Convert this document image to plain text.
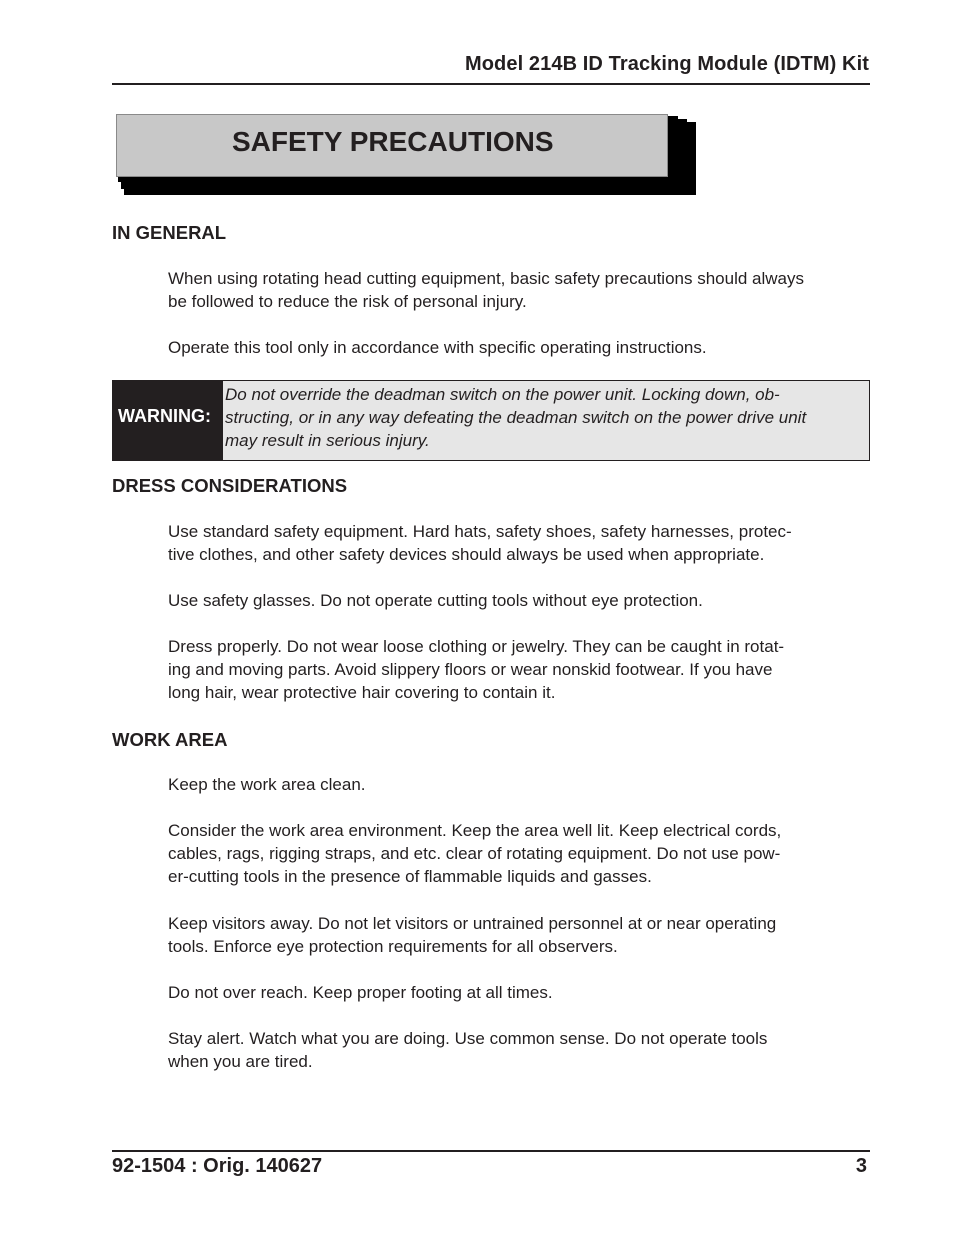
Model 214B ID Tracking Module (IDTM) Kit
SAFETY PRECAUTIONS
IN GENERAL
When using rotating head cutting equipment, basic safety precautions should always
be followed to reduce the risk of personal injury.
Operate this tool only in accordance with specific operating instructions.
WARNING:
Do not override the deadman switch on the power unit. Locking down, ob-
structing, or in any way defeating the deadman switch on the power drive unit
may result in serious injury.
DRESS CONSIDERATIONS
Use standard safety equipment. Hard hats, safety shoes, safety harnesses, protec-
tive clothes, and other safety devices should always be used when appropriate.
Use safety glasses. Do not operate cutting tools without eye protection.
Dress properly. Do not wear loose clothing or jewelry. They can be caught in rotat-
ing and moving parts. Avoid slippery floors or wear nonskid footwear. If you have
long hair, wear protective hair covering to contain it.
WORK AREA
Keep the work area clean.
Consider the work area environment. Keep the area well lit. Keep electrical cords,
cables, rags, rigging straps, and etc. clear of rotating equipment. Do not use pow-
er-cutting tools in the presence of flammable liquids and gasses.
Keep visitors away. Do not let visitors or untrained personnel at or near operating
tools. Enforce eye protection requirements for all observers.
Do not over reach. Keep proper footing at all times.
Stay alert. Watch what you are doing. Use common sense. Do not operate tools
when you are tired.
92-1504 : Orig. 140627	3
